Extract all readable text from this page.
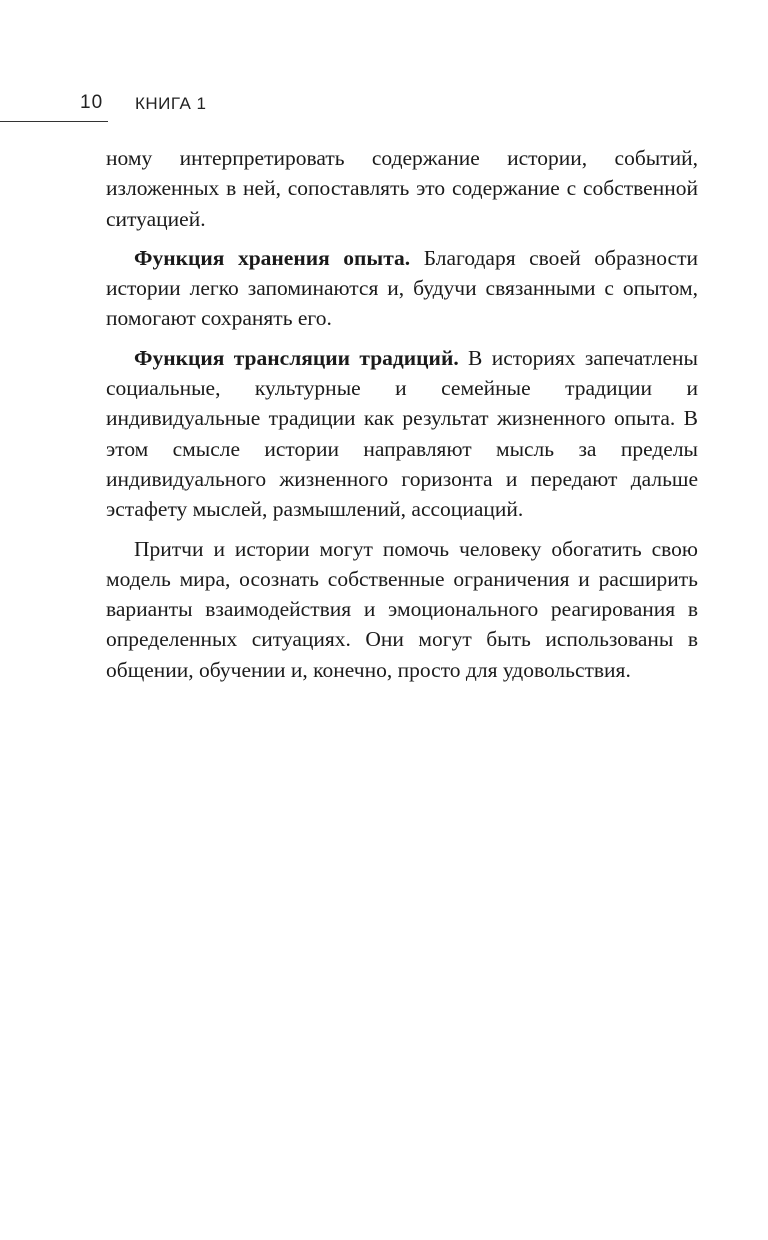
10 КНИГА 1

ному интерпретировать содержание истории, событий, изложенных в ней, сопоставлять это содержание с собственной ситуацией.

Функция хранения опыта. Благодаря своей образности истории легко запоминаются и, будучи связанными с опытом, помогают сохранять его.

Функция трансляции традиций. В историях запечатлены социальные, культурные и семейные традиции и индивидуальные традиции как результат жизненного опыта. В этом смысле истории направляют мысль за пределы индивидуального жизненного горизонта и передают дальше эстафету мыслей, размышлений, ассоциаций.

Притчи и истории могут помочь человеку обогатить свою модель мира, осознать собственные ограничения и расширить варианты взаимодействия и эмоционального реагирования в определенных ситуациях. Они могут быть использованы в общении, обучении и, конечно, просто для удовольствия.
